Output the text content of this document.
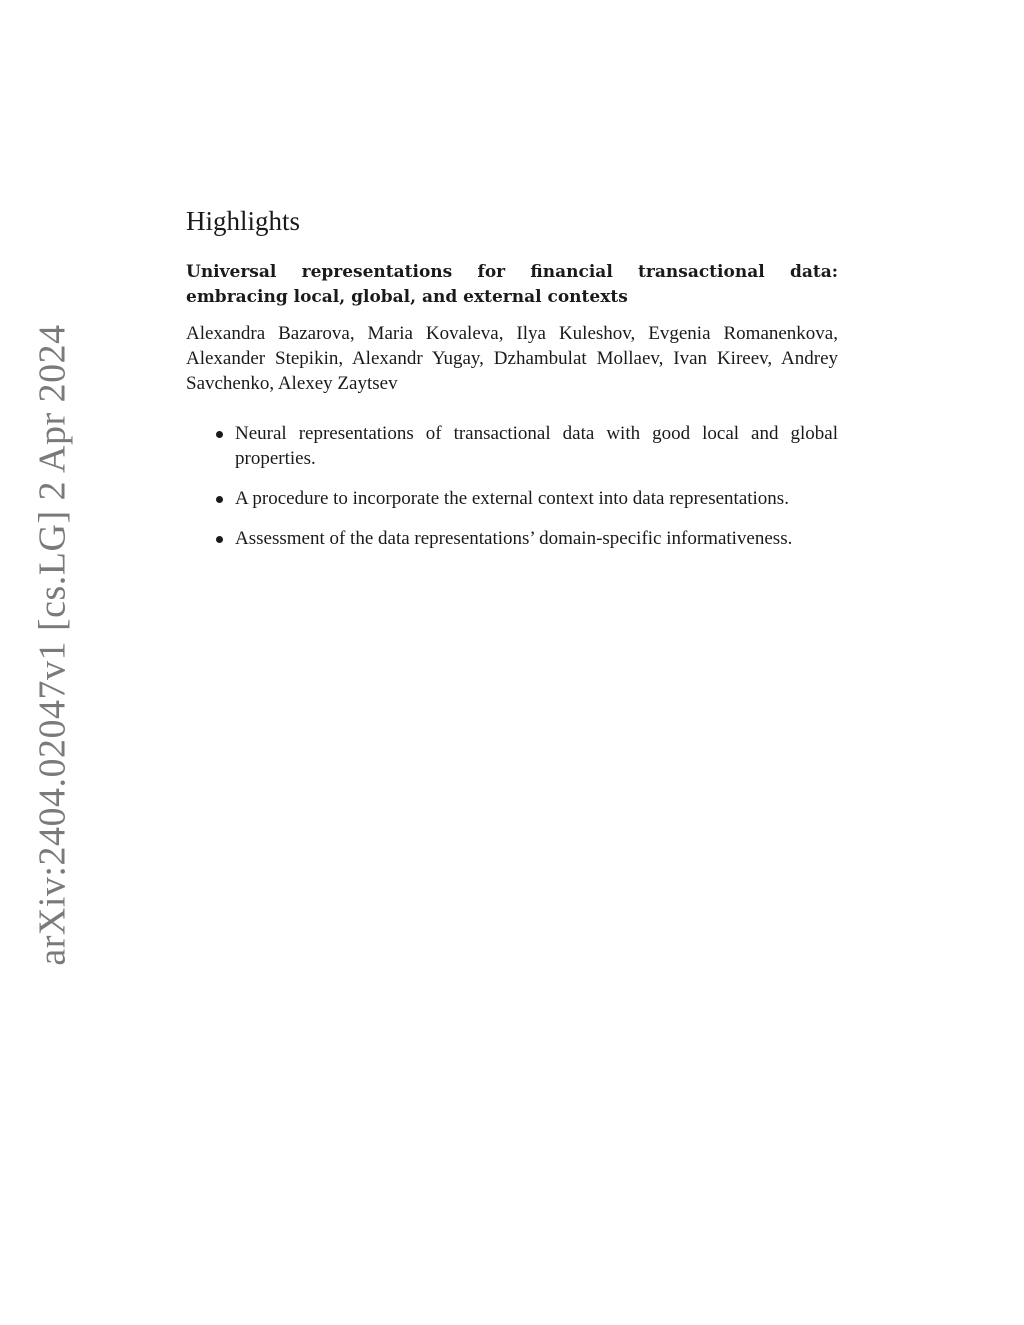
arXiv:2404.02047v1 [cs.LG] 2 Apr 2024
Highlights

Universal representations for financial transactional data: embracing local, global, and external contexts

Alexandra Bazarova, Maria Kovaleva, Ilya Kuleshov, Evgenia Romanenkova, Alexander Stepikin, Alexandr Yugay, Dzhambulat Mollaev, Ivan Kireev, Andrey Savchenko, Alexey Zaytsev

Neural representations of transactional data with good local and global properties.
A procedure to incorporate the external context into data representations.
Assessment of the data representations’ domain-specific informativeness.
